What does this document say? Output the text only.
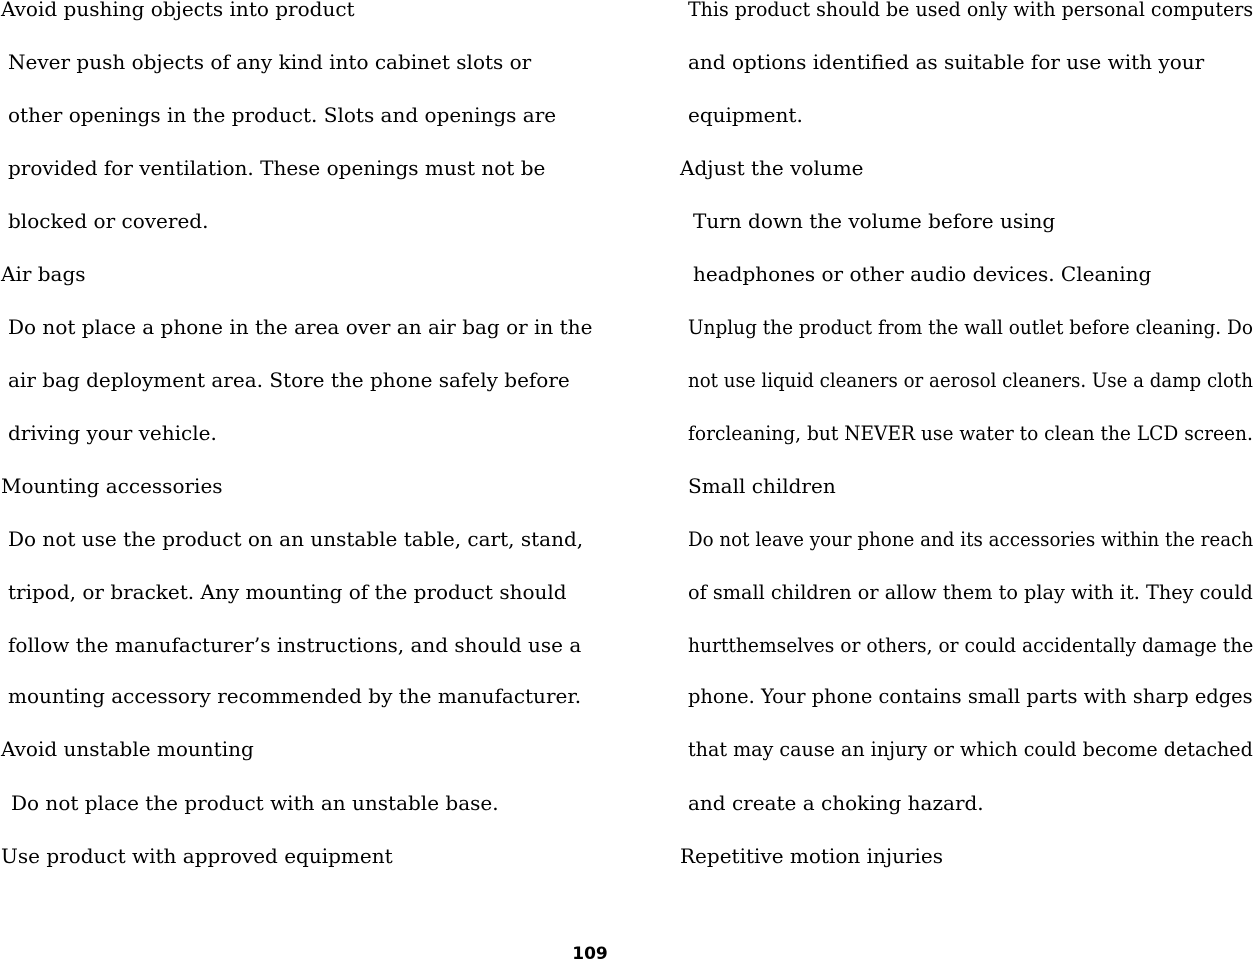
Avoid pushing objects into product
Never push objects of any kind into cabinet slots or
other openings in the product. Slots and openings are
provided for ventilation. These openings must not be
blocked or covered.
Air bags
Do not place a phone in the area over an air bag or in the
air bag deployment area. Store the phone safely before
driving your vehicle.
Mounting accessories
Do not use the product on an unstable table, cart, stand,
tripod, or bracket. Any mounting of the product should
follow the manufacturer’s instructions, and should use a
mounting accessory recommended by the manufacturer.
Avoid unstable mounting
Do not place the product with an unstable base.
Use product with approved equipment
This product should be used only with personal computers
and options identified as suitable for use with your
equipment.
Adjust the volume
Turn down the volume before using
headphones or other audio devices. Cleaning
Unplug the product from the wall outlet before cleaning. Do
not use liquid cleaners or aerosol cleaners. Use a damp cloth
forcleaning, but NEVER use water to clean the LCD screen.
Small children
Do not leave your phone and its accessories within the reach
of small children or allow them to play with it. They could
hurtthemselves or others, or could accidentally damage the
phone. Your phone contains small parts with sharp edges
that may cause an injury or which could become detached
and create a choking hazard.
Repetitive motion injuries
109
